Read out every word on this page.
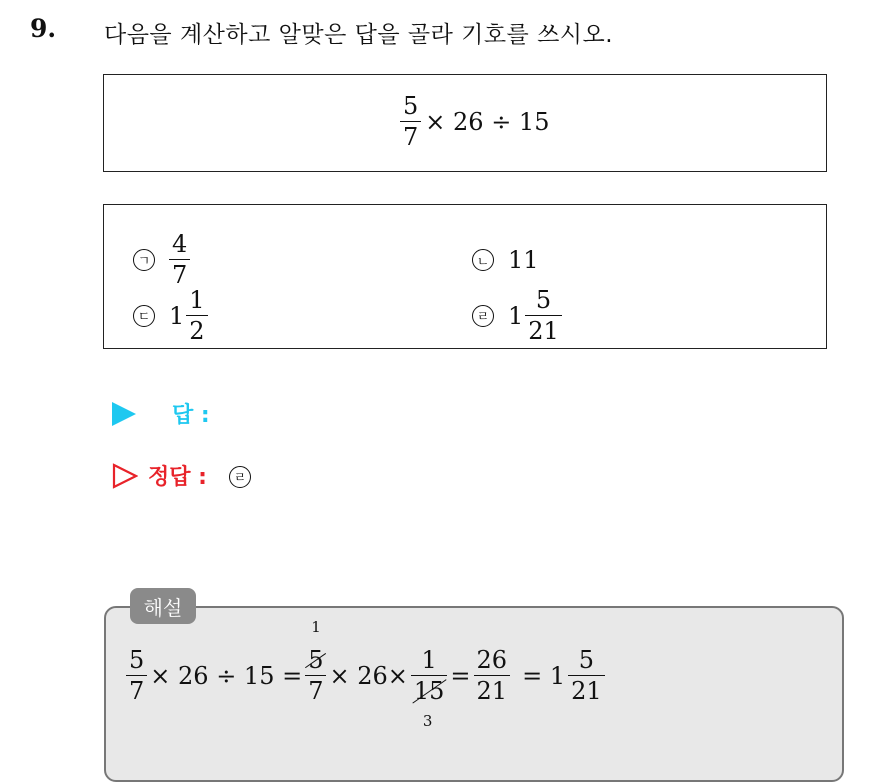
9. 다음을 계산하고 알맞은 답을 골라 기호를 쓰시오.
$\frac{5}{7} \times 26 \div 15$
ㄱ $\frac{4}{7}$	ㄴ 11
ㄷ $1 \frac{1}{2}$	ㄹ $1 \frac{5}{21}$
답 :
정답 :	ㄹ
해설
$\frac{5}{7} \times 26 \div 15$ =
1
5
7
× 26×
1
15
3
= $\frac{26}{21} = 1 \frac{5}{21}$
